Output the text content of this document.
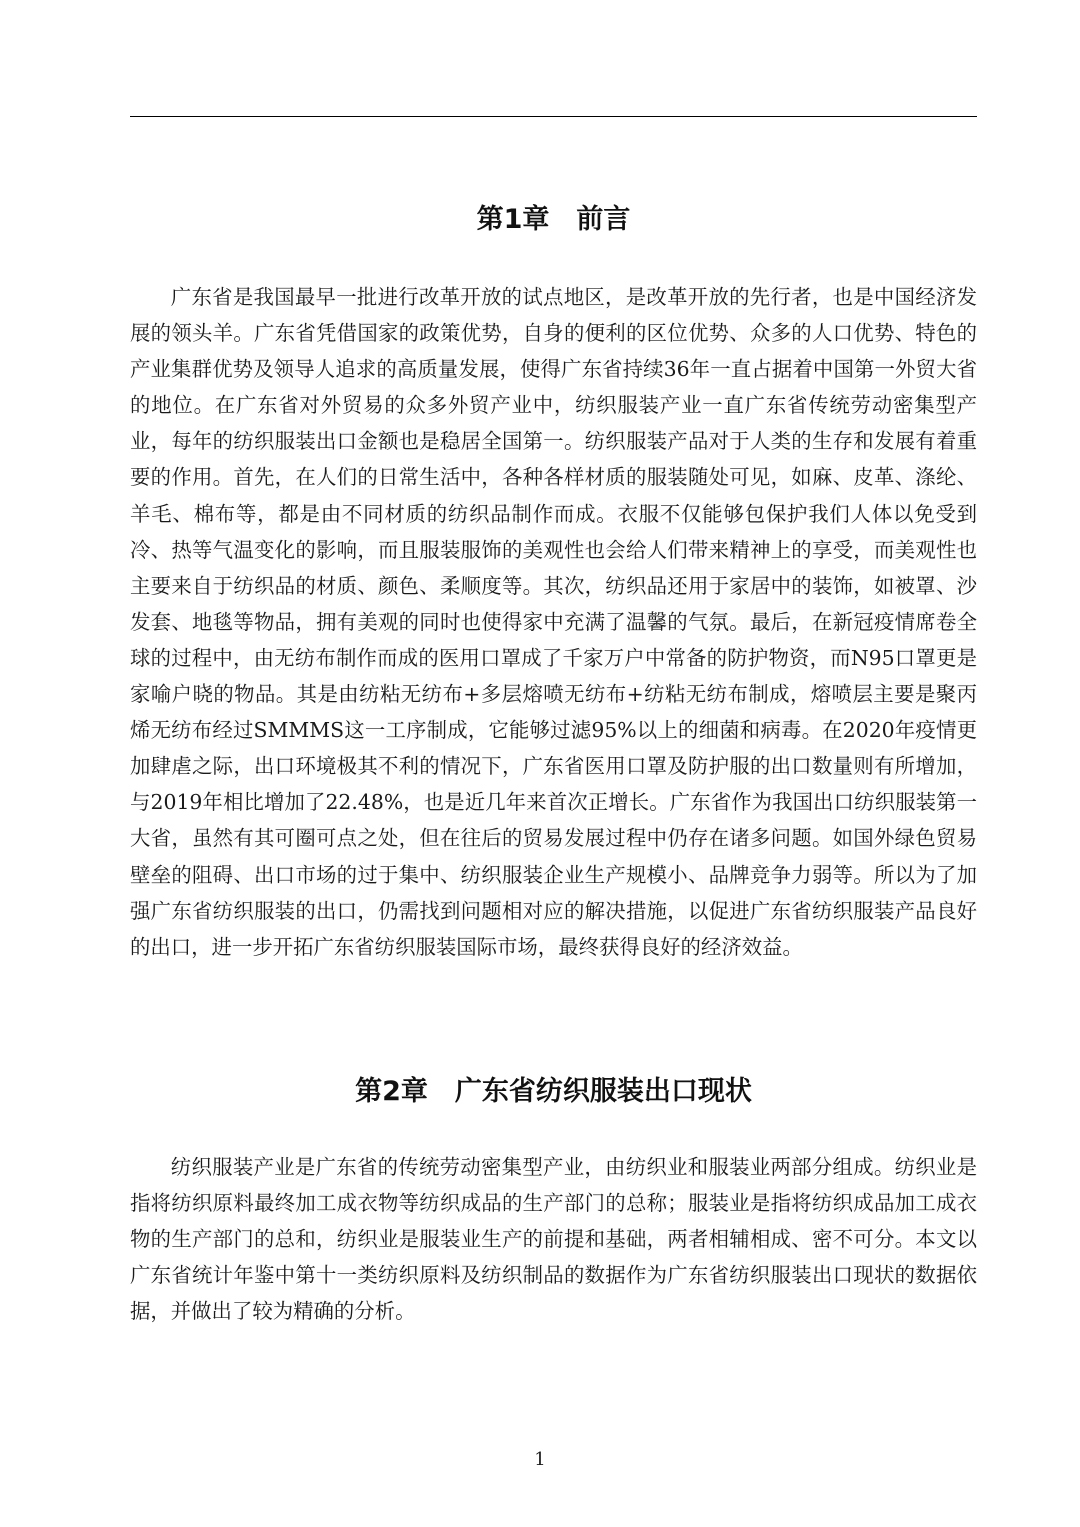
第1章　前言

广东省是我国最早一批进行改革开放的试点地区，是改革开放的先行者，也是中国经济发展的领头羊。广东省凭借国家的政策优势，自身的便利的区位优势、众多的人口优势、特色的产业集群优势及领导人追求的高质量发展，使得广东省持续36年一直占据着中国第一外贸大省的地位。在广东省对外贸易的众多外贸产业中，纺织服装产业一直广东省传统劳动密集型产业，每年的纺织服装出口金额也是稳居全国第一。纺织服装产品对于人类的生存和发展有着重要的作用。首先，在人们的日常生活中，各种各样材质的服装随处可见，如麻、皮革、涤纶、羊毛、棉布等，都是由不同材质的纺织品制作而成。衣服不仅能够包保护我们人体以免受到冷、热等气温变化的影响，而且服装服饰的美观性也会给人们带来精神上的享受，而美观性也主要来自于纺织品的材质、颜色、柔顺度等。其次，纺织品还用于家居中的装饰，如被罩、沙发套、地毯等物品，拥有美观的同时也使得家中充满了温馨的气氛。最后，在新冠疫情席卷全球的过程中，由无纺布制作而成的医用口罩成了千家万户中常备的防护物资，而N95口罩更是家喻户晓的物品。其是由纺粘无纺布+多层熔喷无纺布+纺粘无纺布制成，熔喷层主要是聚丙烯无纺布经过SMMMS这一工序制成，它能够过滤95%以上的细菌和病毒。在2020年疫情更加肆虐之际，出口环境极其不利的情况下，广东省医用口罩及防护服的出口数量则有所增加，与2019年相比增加了22.48%，也是近几年来首次正增长。广东省作为我国出口纺织服装第一大省，虽然有其可圈可点之处，但在往后的贸易发展过程中仍存在诸多问题。如国外绿色贸易壁垒的阻碍、出口市场的过于集中、纺织服装企业生产规模小、品牌竞争力弱等。所以为了加强广东省纺织服装的出口，仍需找到问题相对应的解决措施，以促进广东省纺织服装产品良好的出口，进一步开拓广东省纺织服装国际市场，最终获得良好的经济效益。

第2章　广东省纺织服装出口现状

纺织服装产业是广东省的传统劳动密集型产业，由纺织业和服装业两部分组成。纺织业是指将纺织原料最终加工成衣物等纺织成品的生产部门的总称；服装业是指将纺织成品加工成衣物的生产部门的总和，纺织业是服装业生产的前提和基础，两者相辅相成、密不可分。本文以广东省统计年鉴中第十一类纺织原料及纺织制品的数据作为广东省纺织服装出口现状的数据依据，并做出了较为精确的分析。

1
